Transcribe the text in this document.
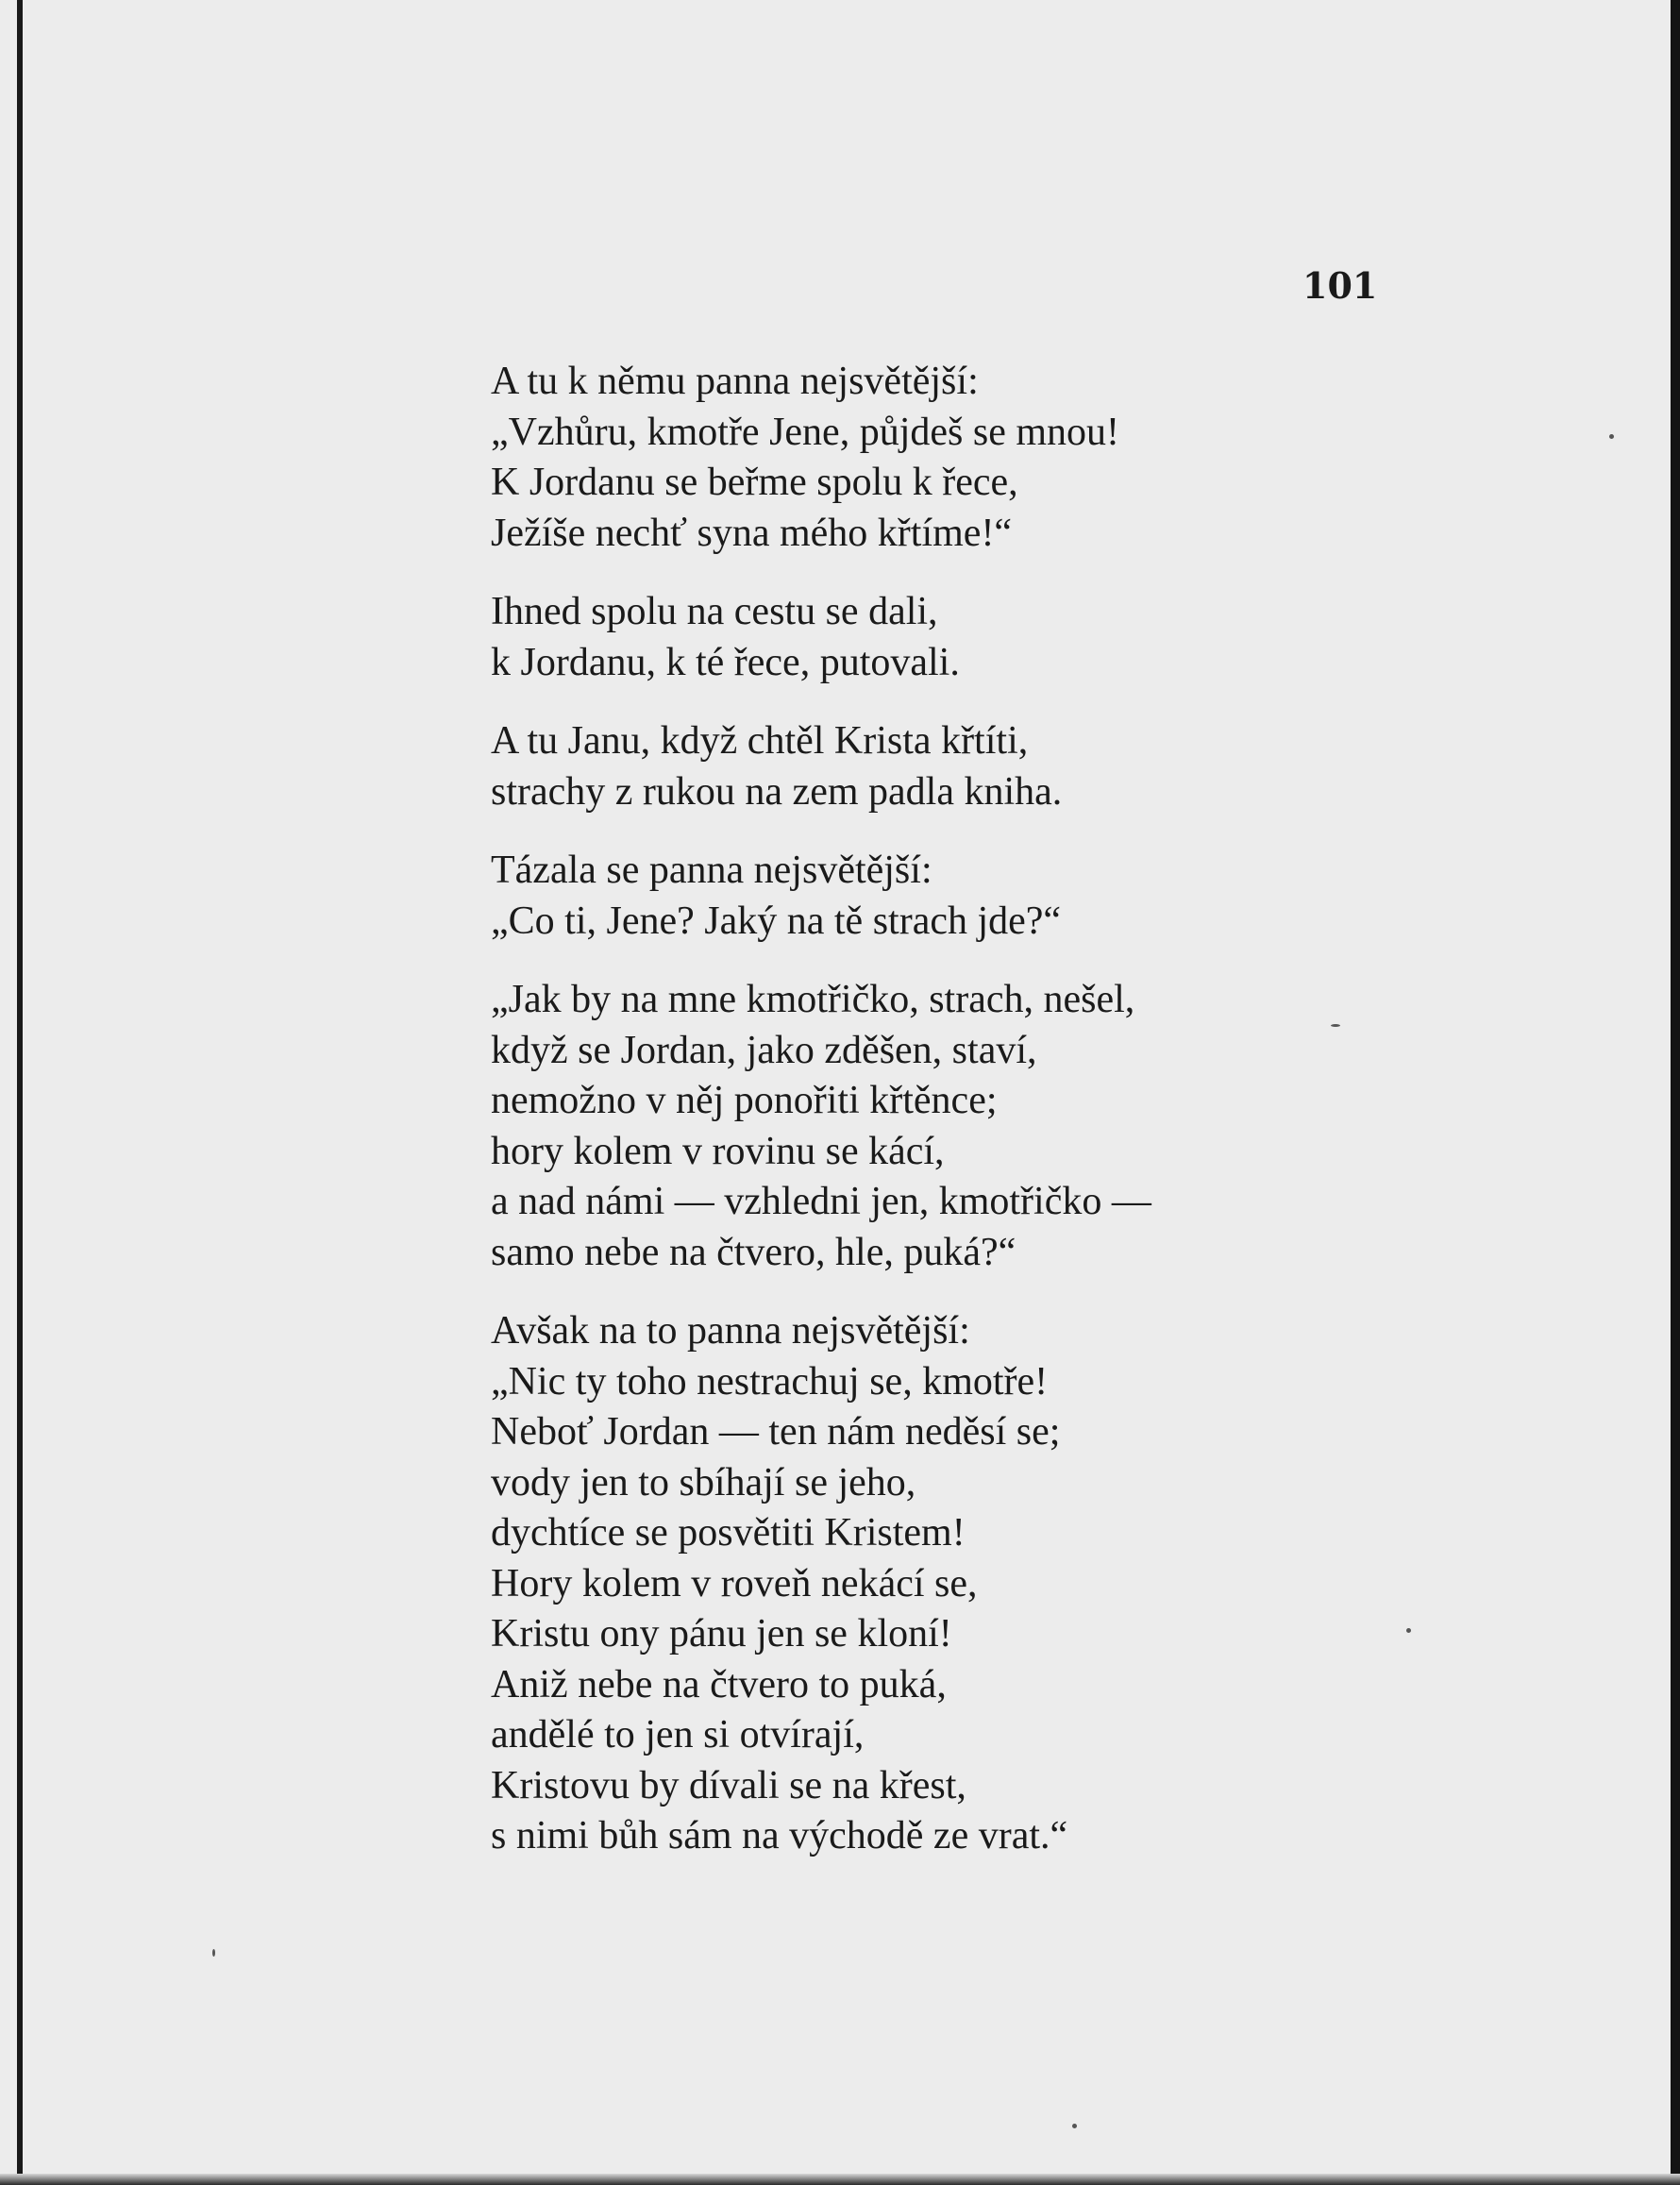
101
A tu k němu panna nejsvětější:
„Vzhůru, kmotře Jene, půjdeš se mnou!
K Jordanu se beřme spolu k řece,
Ježíše nechť syna mého křtíme!“
Ihned spolu na cestu se dali,
k Jordanu, k té řece, putovali.
A tu Janu, když chtěl Krista křtíti,
strachy z rukou na zem padla kniha.
Tázala se panna nejsvětější:
„Co ti, Jene? Jaký na tě strach jde?“
„Jak by na mne kmotřičko, strach, nešel,
když se Jordan, jako zděšen, staví,
nemožno v něj ponořiti křtěnce;
hory kolem v rovinu se kácí,
a nad námi — vzhledni jen, kmotřičko —
samo nebe na čtvero, hle, puká?“
Avšak na to panna nejsvětější:
„Nic ty toho nestrachuj se, kmotře!
Neboť Jordan — ten nám neděsí se;
vody jen to sbíhají se jeho,
dychtíce se posvětiti Kristem!
Hory kolem v roveň nekácí se,
Kristu ony pánu jen se kloní!
Aniž nebe na čtvero to puká,
andělé to jen si otvírají,
Kristovu by dívali se na křest,
s nimi bůh sám na východě ze vrat.“
